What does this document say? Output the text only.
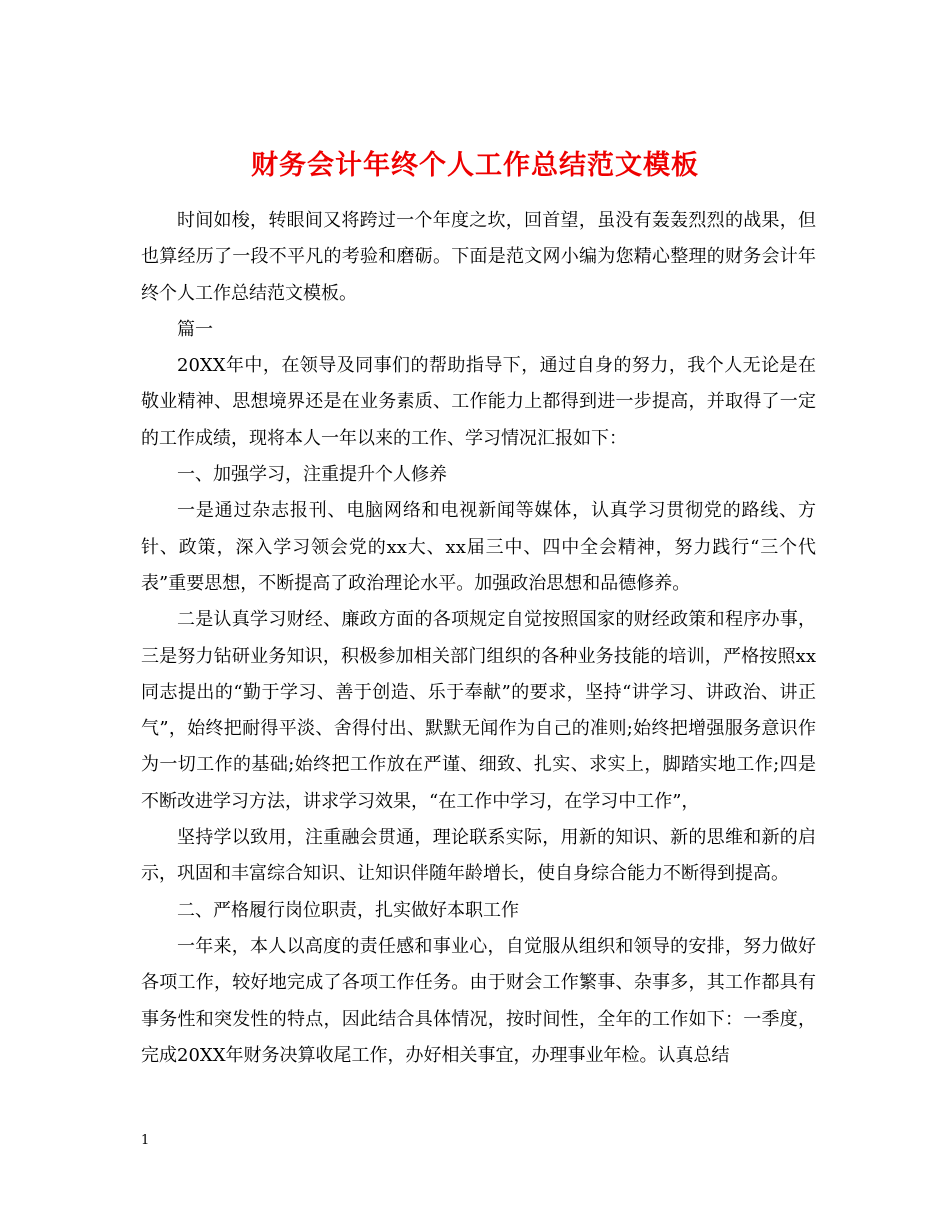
财务会计年终个人工作总结范文模板

时间如梭，转眼间又将跨过一个年度之坎，回首望，虽没有轰轰烈烈的战果，但也算经历了一段不平凡的考验和磨砺。下面是范文网小编为您精心整理的财务会计年终个人工作总结范文模板。

篇一

20XX年中，在领导及同事们的帮助指导下，通过自身的努力，我个人无论是在敬业精神、思想境界还是在业务素质、工作能力上都得到进一步提高，并取得了一定的工作成绩，现将本人一年以来的工作、学习情况汇报如下：

一、加强学习，注重提升个人修养

一是通过杂志报刊、电脑网络和电视新闻等媒体，认真学习贯彻党的路线、方针、政策，深入学习领会党的xx大、xx届三中、四中全会精神，努力践行“三个代表”重要思想，不断提高了政治理论水平。加强政治思想和品德修养。

二是认真学习财经、廉政方面的各项规定自觉按照国家的财经政策和程序办事，三是努力钻研业务知识，积极参加相关部门组织的各种业务技能的培训，严格按照xx同志提出的“勤于学习、善于创造、乐于奉献”的要求，坚持“讲学习、讲政治、讲正气”，始终把耐得平淡、舍得付出、默默无闻作为自己的准则;始终把增强服务意识作为一切工作的基础;始终把工作放在严谨、细致、扎实、求实上，脚踏实地工作;四是不断改进学习方法，讲求学习效果，“在工作中学习，在学习中工作”，

坚持学以致用，注重融会贯通，理论联系实际，用新的知识、新的思维和新的启示，巩固和丰富综合知识、让知识伴随年龄增长，使自身综合能力不断得到提高。

二、严格履行岗位职责，扎实做好本职工作

一年来，本人以高度的责任感和事业心，自觉服从组织和领导的安排，努力做好各项工作，较好地完成了各项工作任务。由于财会工作繁事、杂事多，其工作都具有事务性和突发性的特点，因此结合具体情况，按时间性，全年的工作如下：一季度，完成20XX年财务决算收尾工作，办好相关事宜，办理事业年检。认真总结

1
